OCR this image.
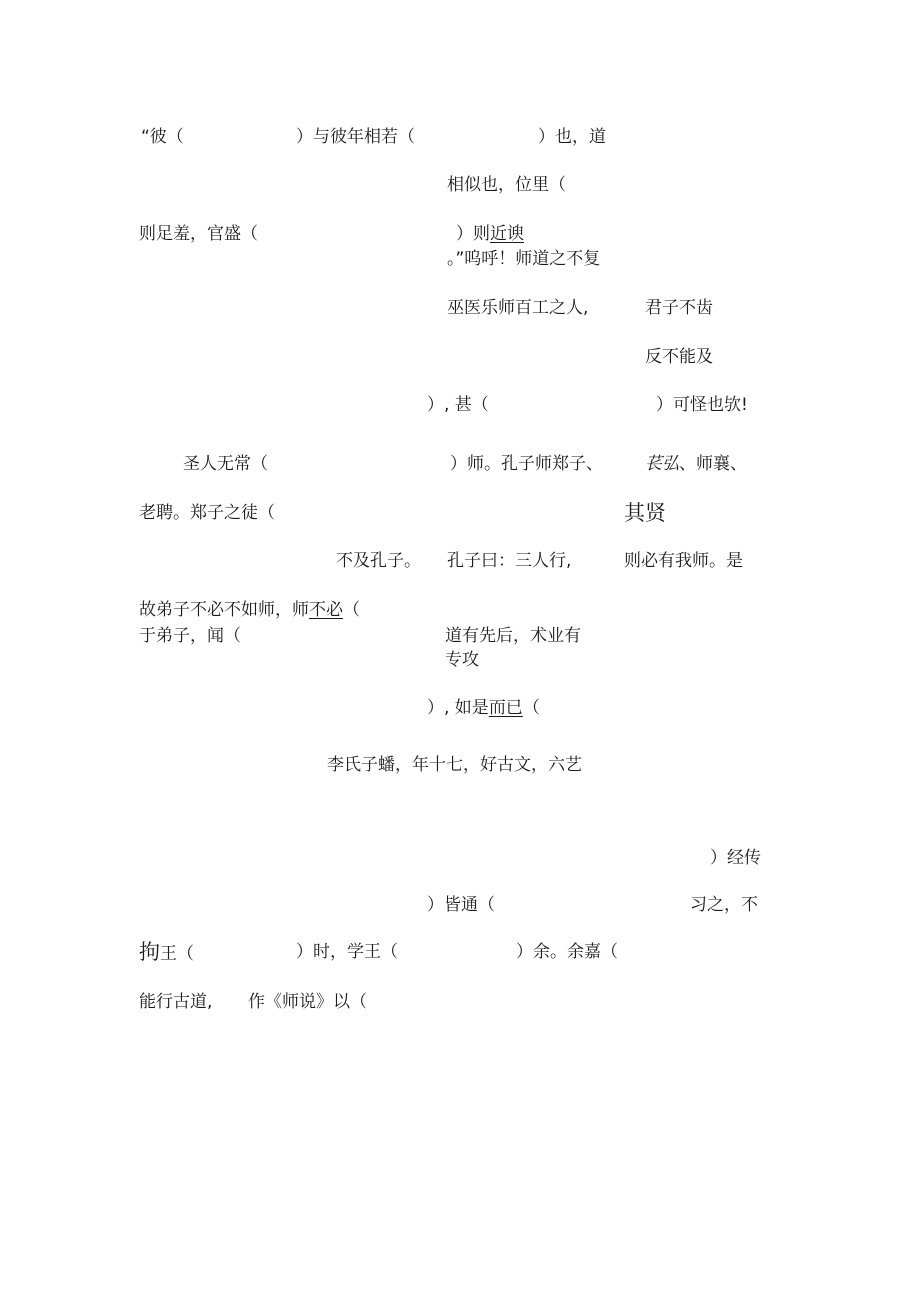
“彼（	）与彼年相若（	）也，道
相似也，位里（
则足羞，官盛（	）则近谀
。”呜呼！师道之不复
巫医乐师百工之人,	君子不齿
反不能及
）, 甚（	）可怪也欤!
圣人无常（	）师。孔子师郑子、 苌弘、师襄、
老聘。郑子之徒（	其贤
不及孔子。 孔子曰：三人行,	则必有我师。是
故弟子不必不如师，师不必（
于弟子，闻（	道有先后，术业有
专攻
）, 如是而已（
李氏子蟠，年十七，好古文，六艺
）经传
）皆通（	习之，不
拘王（	）时，学王（	）余。余嘉（
能行古道, 作《师说》以（
